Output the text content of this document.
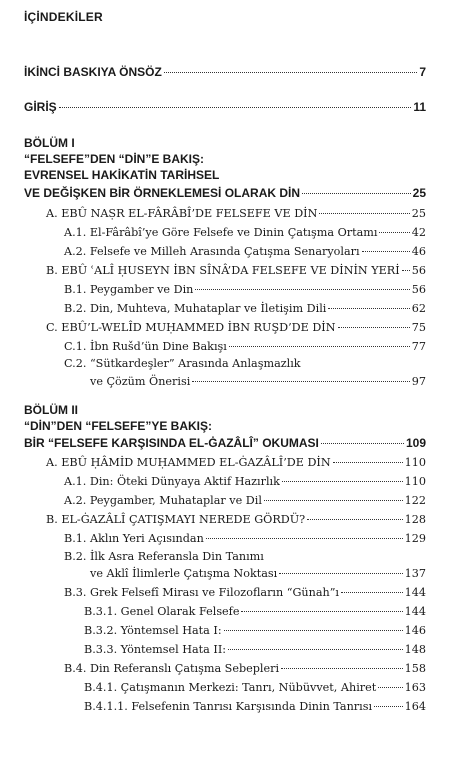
İÇİNDEKİLER
İKİNCİ BASKIYA ÖNSÖZ	7
GİRİŞ	11
BÖLÜM I
“FELSEFE”DEN “DİN”E BAKIŞ:
EVRENSEL HAKİKATİN TARİHSEL
VE DEĞİŞKEN BİR ÖRNEKLEMESİ OLARAK DİN	25
A. EBÛ NAṢR EL-FÂRÂBÎ’DE FELSEFE VE DİN	25
A.1. El-Fârâbî’ye Göre Felsefe ve Dinin Çatışma Ortamı	42
A.2. Felsefe ve Milleh Arasında Çatışma Senaryoları	46
B. EBÛ ʿALÎ ḤUSEYN İBN SÎNÂ’DA FELSEFE VE DİNİN YERİ 56
B.1. Peygamber ve Din	56
B.2. Din, Muhteva, Muhataplar ve İletişim Dili	62
C. EBÛ’L-WELÎD MUḤAMMED İBN RUŞD’DE DİN	75
C.1. İbn Rušd’ün Dine Bakışı	77
C.2. “Sütkardeşler” Arasında Anlaşmazlık
ve Çözüm Önerisi	97
BÖLÜM II
“DİN”DEN “FELSEFE”YE BAKIŞ:
BİR “FELSEFE KARŞISINDA EL-ĠAZÂLÎ” OKUMASI	109
A. EBÛ ḤÂMİD MUḤAMMED EL-ĠAZÂLÎ’DE DİN	110
A.1. Din: Öteki Dünyaya Aktif Hazırlık	110
A.2. Peygamber, Muhataplar ve Dil	122
B. EL-ĠAZÂLÎ ÇATIŞMAYI NEREDE GÖRDÜ?	128
B.1. Aklın Yeri Açısından	129
B.2. İlk Asra Referansla Din Tanımı
ve Aklî İlimlerle Çatışma Noktası	137
B.3. Grek Felsefî Mirası ve Filozofların “Günah”ı	144
B.3.1. Genel Olarak Felsefe	144
B.3.2. Yöntemsel Hata I:	146
B.3.3. Yöntemsel Hata II:	148
B.4. Din Referanslı Çatışma Sebepleri	158
B.4.1. Çatışmanın Merkezi: Tanrı, Nübüvvet, Ahiret	163
B.4.1.1. Felsefenin Tanrısı Karşısında Dinin Tanrısı	164
